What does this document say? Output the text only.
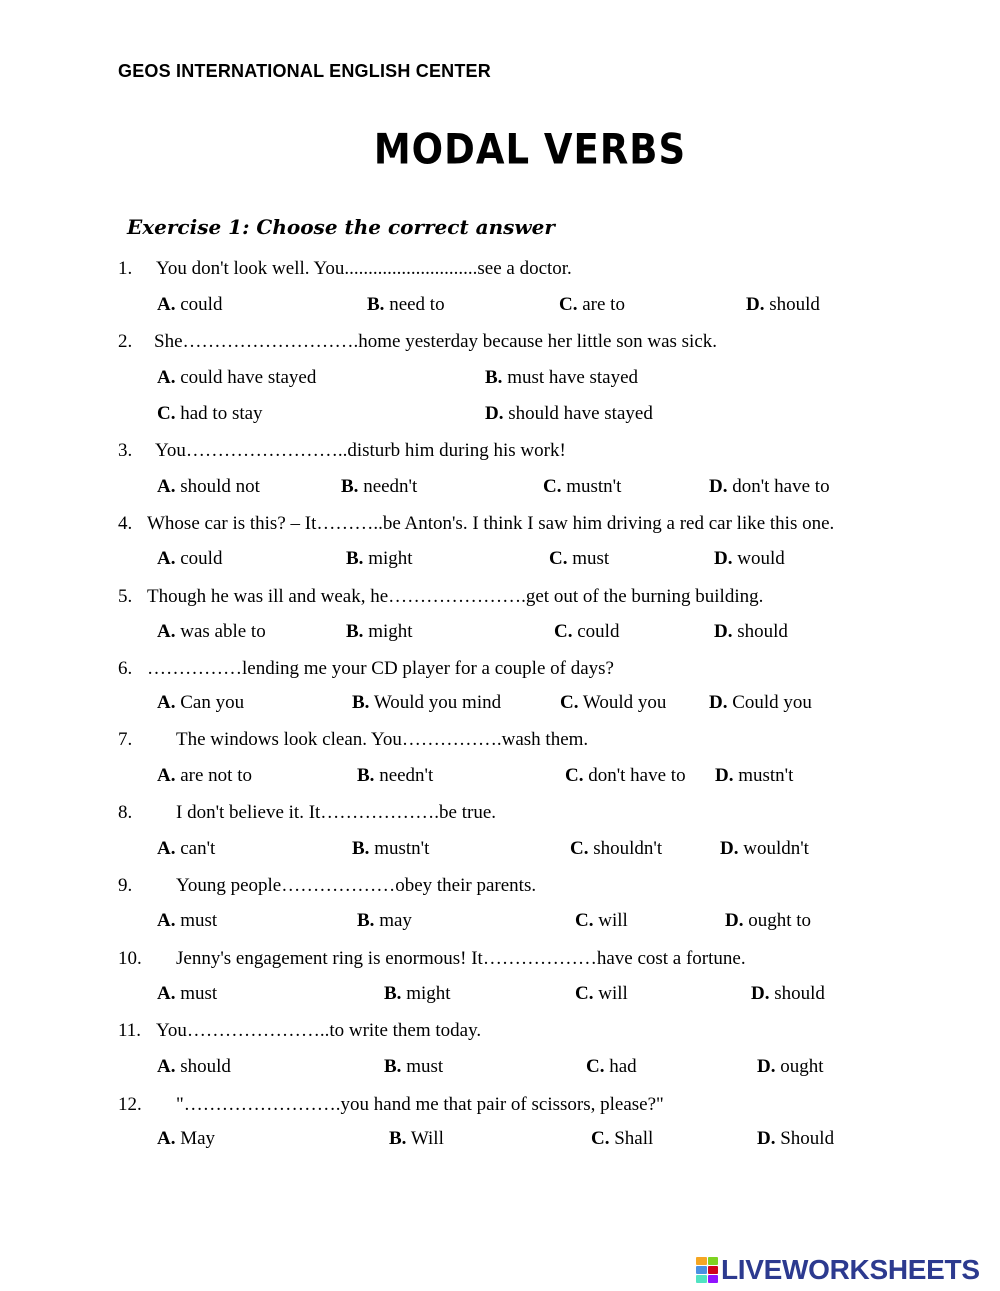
GEOS INTERNATIONAL ENGLISH CENTER
MODAL VERBS
Exercise 1: Choose the correct answer
1. You don't look well. You............................see a doctor.
A. could	B. need to	C. are to	D. should
2. She……………………….home yesterday because her little son was sick.
A. could have stayed	B. must have stayed
C. had to stay	D. should have stayed
3. You……………………..disturb him during his work!
A. should not	B. needn't	C. mustn't	D. don't have to
4. Whose car is this? – It………..be Anton's. I think I saw him driving a red car like this one.
A. could	B. might	C. must	D. would
5. Though he was ill and weak, he………………….get out of the burning building.
A. was able to	B. might	C. could	D. should
6. ……………lending me your CD player for a couple of days?
A. Can you	B. Would you mind	C. Would you D. Could you
7. The windows look clean. You…………….wash them.
A. are not to	B. needn't	C. don't have to D. mustn't
8. I don't believe it. It……………….be true.
A. can't	B. mustn't	C. shouldn't	D. wouldn't
9. Young people………………obey their parents.
A. must	B. may	C. will	D. ought to
10. Jenny's engagement ring is enormous! It………………have cost a fortune.
A. must	B. might	C. will	D. should
11. You…………………..to write them today.
A. should	B. must	C. had	D. ought
12. "…………………….you hand me that pair of scissors, please?"
A. May	B. Will	C. Shall	D. Should
LIVEWORKSHEETS
